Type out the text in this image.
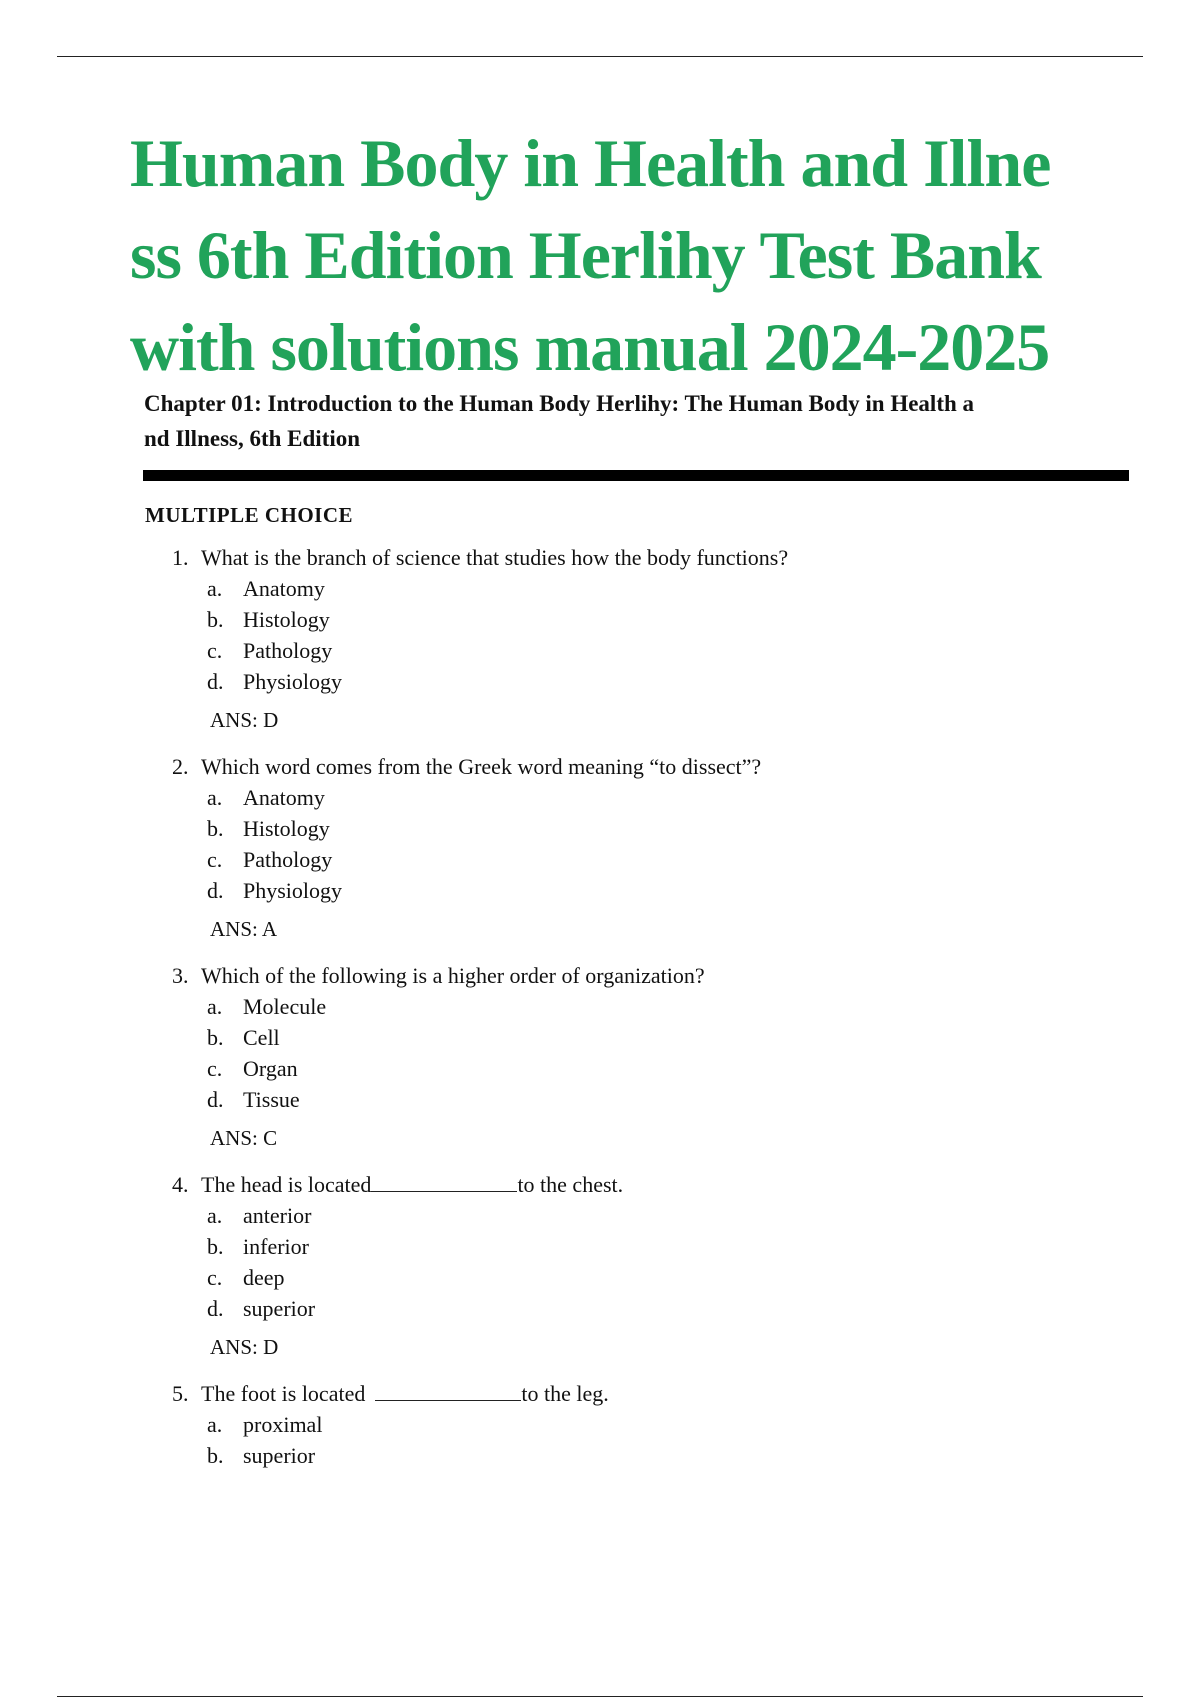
Human Body in Health and Illne
ss 6th Edition Herlihy Test Bank
with solutions manual 2024-2025
Chapter 01: Introduction to the Human Body Herlihy: The Human Body in Health a
nd Illness, 6th Edition
MULTIPLE CHOICE
1. What is the branch of science that studies how the body functions?
a. Anatomy
b. Histology
c. Pathology
d. Physiology
ANS: D
2. Which word comes from the Greek word meaning “to dissect”?
a. Anatomy
b. Histology
c. Pathology
d. Physiology
ANS: A
3. Which of the following is a higher order of organization?
a. Molecule
b. Cell
c. Organ
d. Tissue
ANS: C
4. The head is located	to the chest.
a. anterior
b. inferior
c. deep
d. superior
ANS: D
5. The foot is located	to the leg.
a. proximal
b. superior
